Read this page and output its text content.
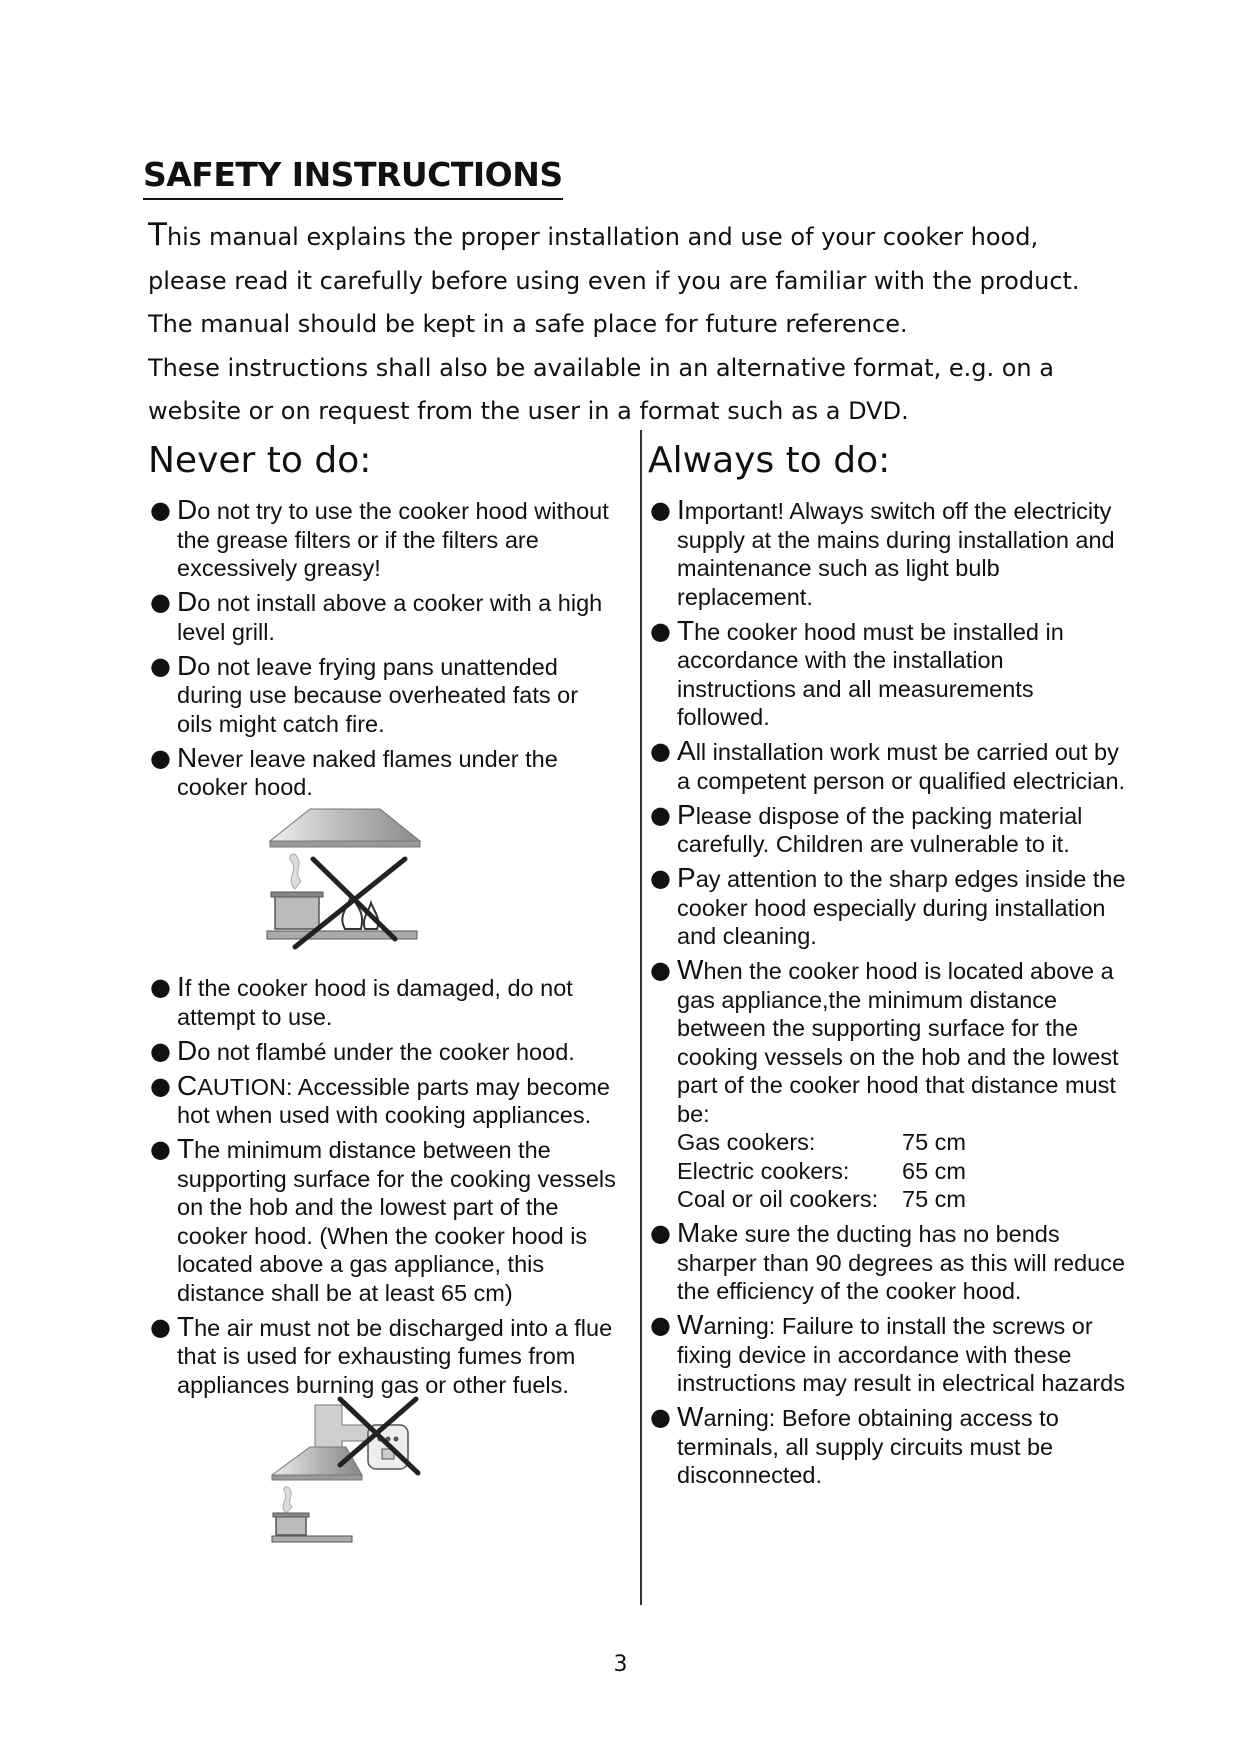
SAFETY INSTRUCTIONS

This manual explains the proper installation and use of your cooker hood,

please read it carefully before using even if you are familiar with the product.

The manual should be kept in a safe place for future reference.

These instructions shall also be available in an alternative format, e.g. on a

website or on request from the user in a format such as a DVD.

Never to do:
● Do not try to use the cooker hood without the grease filters or if the filters are excessively greasy!
● Do not install above a cooker with a high level grill.
● Do not leave frying pans unattended during use because overheated fats or oils might catch fire.
● Never leave naked flames under the cooker hood.
● If the cooker hood is damaged, do not attempt to use.
● Do not flambé under the cooker hood.
● CAUTION: Accessible parts may become hot when used with cooking appliances.
● The minimum distance between the supporting surface for the cooking vessels on the hob and the lowest part of the cooker hood. (When the cooker hood is located above a gas appliance, this distance shall be at least 65 cm)
● The air must not be discharged into a flue that is used for exhausting fumes from appliances burning gas or other fuels.
Always to do:
● Important! Always switch off the electricity supply at the mains during installation and maintenance such as light bulb replacement.
● The cooker hood must be installed in accordance with the installation instructions and all measurements followed.
● All installation work must be carried out by a competent person or qualified electrician.
● Please dispose of the packing material carefully. Children are vulnerable to it.
● Pay attention to the sharp edges inside the cooker hood especially during installation and cleaning.
● When the cooker hood is located above a gas appliance,the minimum distance between the supporting surface for the cooking vessels on the hob and the lowest part of the cooker hood that distance must be:
Gas cookers:	75 cm
Electric cookers:	65 cm
Coal or oil cookers:	75 cm
● Make sure the ducting has no bends sharper than 90 degrees as this will reduce the efficiency of the cooker hood.
● Warning: Failure to install the screws or fixing device in accordance with these instructions may result in electrical hazards
● Warning: Before obtaining access to terminals, all supply circuits must be disconnected.
3
